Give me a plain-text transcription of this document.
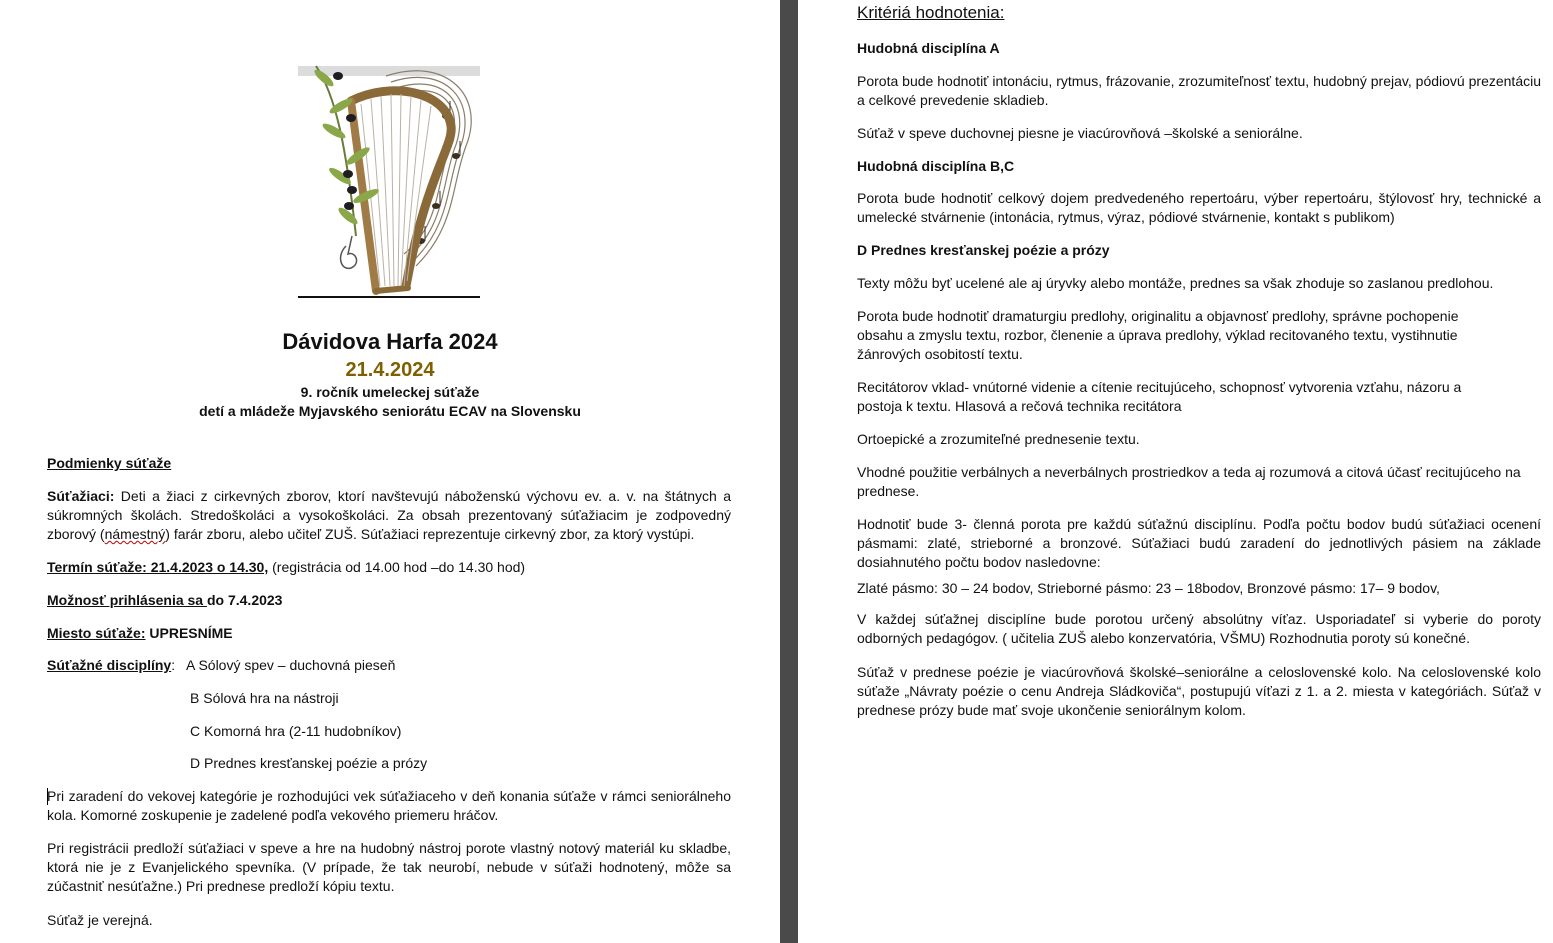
Dávidova Harfa 2024
21.4.2024
9. ročník umeleckej súťaže
detí a mládeže Myjavského seniorátu ECAV na Slovensku
Podmienky súťaže
Súťažiaci: Deti a žiaci z cirkevných zborov, ktorí navštevujú náboženskú výchovu ev. a. v. na štátnych a súkromných školách. Stredoškoláci a vysokoškoláci. Za obsah prezentovaný súťažiacim je zodpovedný zborový (námestný) farár zboru, alebo učiteľ ZUŠ. Súťažiaci reprezentuje cirkevný zbor, za ktorý vystúpi.
Termín súťaže: 21.4.2023 o 14.30, (registrácia od 14.00 hod –do 14.30 hod)
Možnosť prihlásenia sa do 7.4.2023
Miesto súťaže: UPRESNÍME
Súťažné disciplíny:   A Sólový spev – duchovná pieseň
B Sólová hra na nástroji
C Komorná hra (2-11 hudobníkov)
D Prednes kresťanskej poézie a prózy
Pri zaradení do vekovej kategórie je rozhodujúci vek súťažiaceho v deň konania súťaže v rámci seniorálneho kola. Komorné zoskupenie je zadelené podľa vekového priemeru hráčov.
Pri registrácii predloží súťažiaci v speve a hre na hudobný nástroj porote vlastný notový materiál ku skladbe, ktorá nie je z Evanjelického spevníka. (V prípade, že tak neurobí, nebude v súťaži hodnotený, môže sa zúčastniť nesúťažne.) Pri prednese predloží kópiu textu.
Súťaž je verejná.
Kritériá hodnotenia:
Hudobná disciplína A
Porota bude hodnotiť intonáciu, rytmus, frázovanie, zrozumiteľnosť textu, hudobný prejav, pódiovú prezentáciu a celkové prevedenie skladieb.
Súťaž v speve duchovnej piesne je viacúrovňová –školské a seniorálne.
Hudobná disciplína B,C
Porota bude hodnotiť celkový dojem predvedeného repertoáru, výber repertoáru, štýlovosť hry, technické a umelecké stvárnenie (intonácia, rytmus, výraz, pódiové stvárnenie, kontakt s publikom)
D Prednes kresťanskej poézie a prózy
Texty môžu byť ucelené ale aj úryvky alebo montáže, prednes sa však zhoduje so zaslanou predlohou.
Porota bude hodnotiť dramaturgiu predlohy, originalitu a objavnosť predlohy, správne pochopenie obsahu a zmyslu textu, rozbor, členenie a úprava predlohy, výklad recitovaného textu, vystihnutie žánrových osobitostí textu.
Recitátorov vklad- vnútorné videnie a cítenie recitujúceho, schopnosť vytvorenia vzťahu, názoru a postoja k textu. Hlasová a rečová technika recitátora
Ortoepické a zrozumiteľné prednesenie textu.
Vhodné použitie verbálnych a neverbálnych prostriedkov a teda aj rozumová a citová účasť recitujúceho na prednese.
Hodnotiť bude 3- členná porota pre každú súťažnú disciplínu. Podľa počtu bodov budú súťažiaci ocenení pásmami: zlaté, strieborné a bronzové. Súťažiaci budú zaradení do jednotlivých pásiem na základe dosiahnutého počtu bodov nasledovne:
Zlaté pásmo: 30 – 24 bodov, Strieborné pásmo: 23 – 18bodov, Bronzové pásmo: 17– 9 bodov,
V každej súťažnej disciplíne bude porotou určený absolútny víťaz. Usporiadateľ si vyberie do poroty odborných pedagógov. ( učitelia ZUŠ alebo konzervatória, VŠMU) Rozhodnutia poroty sú konečné.
Súťaž v prednese poézie je viacúrovňová školské–seniorálne a celoslovenské kolo. Na celoslovenské kolo súťaže „Návraty poézie o cenu Andreja Sládkoviča“, postupujú víťazi z 1. a 2. miesta v kategóriách. Súťaž v prednese prózy bude mať svoje ukončenie seniorálnym kolom.
